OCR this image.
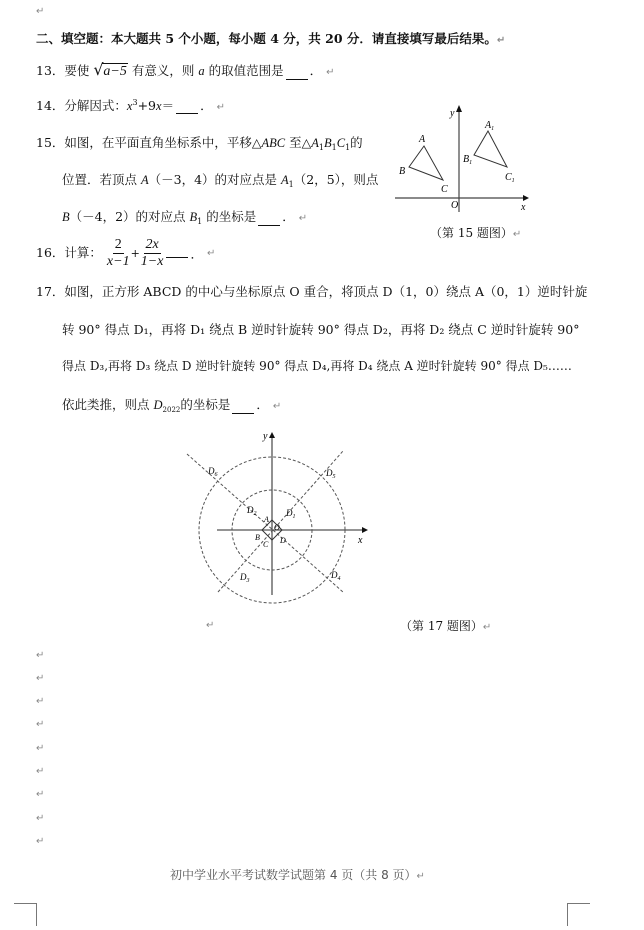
↵
二、填空题：本大题共 5 个小题，每小题 4 分，共 20 分．请直接填写最后结果。↵
13．要使 √ a−5 有意义，则 a 的取值范围是 ． ↵
14．分解因式：$x^3+9x=$ ． ↵
15．如图，在平面直角坐标系中，平移△ABC 至$\triangle A_1B_1C_1$的
位置．若顶点 A（－3，4）的对应点是 $A_1(2$，5），则点
B（－4，2）的对应点 $B_1$ 的坐标是 ． ↵
y
A
B
C
O	x
$A_1$
$B_1$
$C_1$
（第 15 题图）↵
16．计算： $\frac{2}{x-1} + \frac{2x}{1-x}$ ． ↵
17．如图，正方形 ABCD 的中心与坐标原点 O 重合，将顶点 D（1，0）绕点 A（0，1）逆时针旋
转 90° 得点 D₁，再将 D₁ 绕点 B 逆时针旋转 90° 得点 D₂，再将 D₂ 绕点 C 逆时针旋转 90°
得点 D₃,再将 D₃ 绕点 D 逆时针旋转 90° 得点 D₄,再将 D₄ 绕点 A 逆时针旋转 90° 得点 D₅……
依此类推，则点 $D_{2022}$的坐标是 ． ↵
y
x
O
A
B
C D
$D_1$
$D_2$
$D_3$
$D_4$
$D_5$
$D_6$
↵	（第 17 题图）↵
↵
↵
↵
↵
↵
↵
↵
↵
↵
初中学业水平考试数学试题第 4 页（共 8 页）↵
